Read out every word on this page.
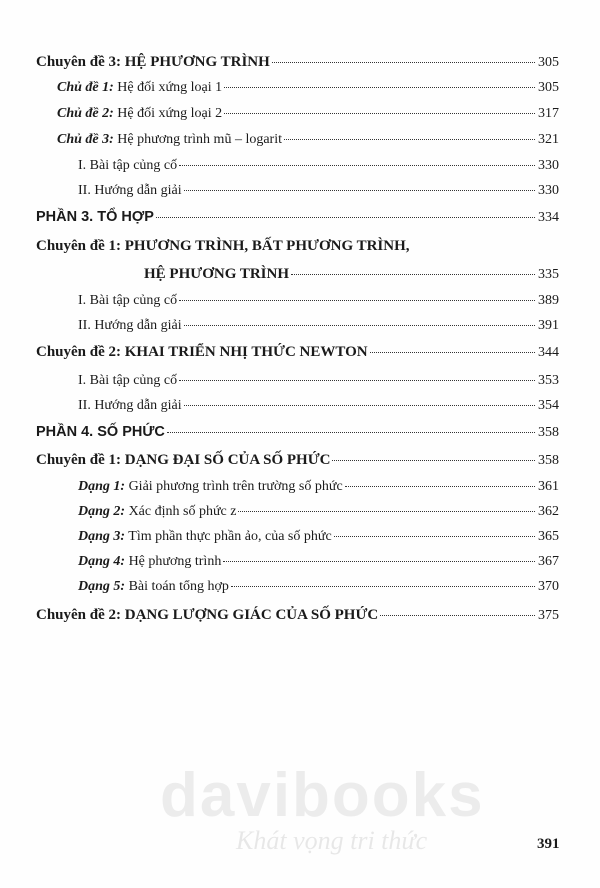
davibooks
Khát vọng tri thức
Chuyên đề 3: HỆ PHƯƠNG TRÌNH	305
Chủ đề 1: Hệ đối xứng loại 1	305
Chủ đề 2: Hệ đối xứng loại 2	317
Chủ đề 3: Hệ phương trình mũ – logarit	321
I. Bài tập củng cố	330
II. Hướng dẫn giải	330
PHẦN 3. TỔ HỢP	334
Chuyên đề 1: PHƯƠNG TRÌNH, BẤT PHƯƠNG TRÌNH,
HỆ PHƯƠNG TRÌNH	335
I. Bài tập củng cố	389
II. Hướng dẫn giải	391
Chuyên đề 2: KHAI TRIỂN NHỊ THỨC NEWTON	344
I. Bài tập củng cố	353
II. Hướng dẫn giải	354
PHẦN 4. SỐ PHỨC	358
Chuyên đề 1: DẠNG ĐẠI SỐ CỦA SỐ PHỨC	358
Dạng 1: Giải phương trình trên trường số phức	361
Dạng 2: Xác định số phức z	362
Dạng 3: Tìm phần thực phần ảo, của số phức	365
Dạng 4: Hệ phương trình	367
Dạng 5: Bài toán tổng hợp	370
Chuyên đề 2: DẠNG LƯỢNG GIÁC CỦA SỐ PHỨC	375
391
